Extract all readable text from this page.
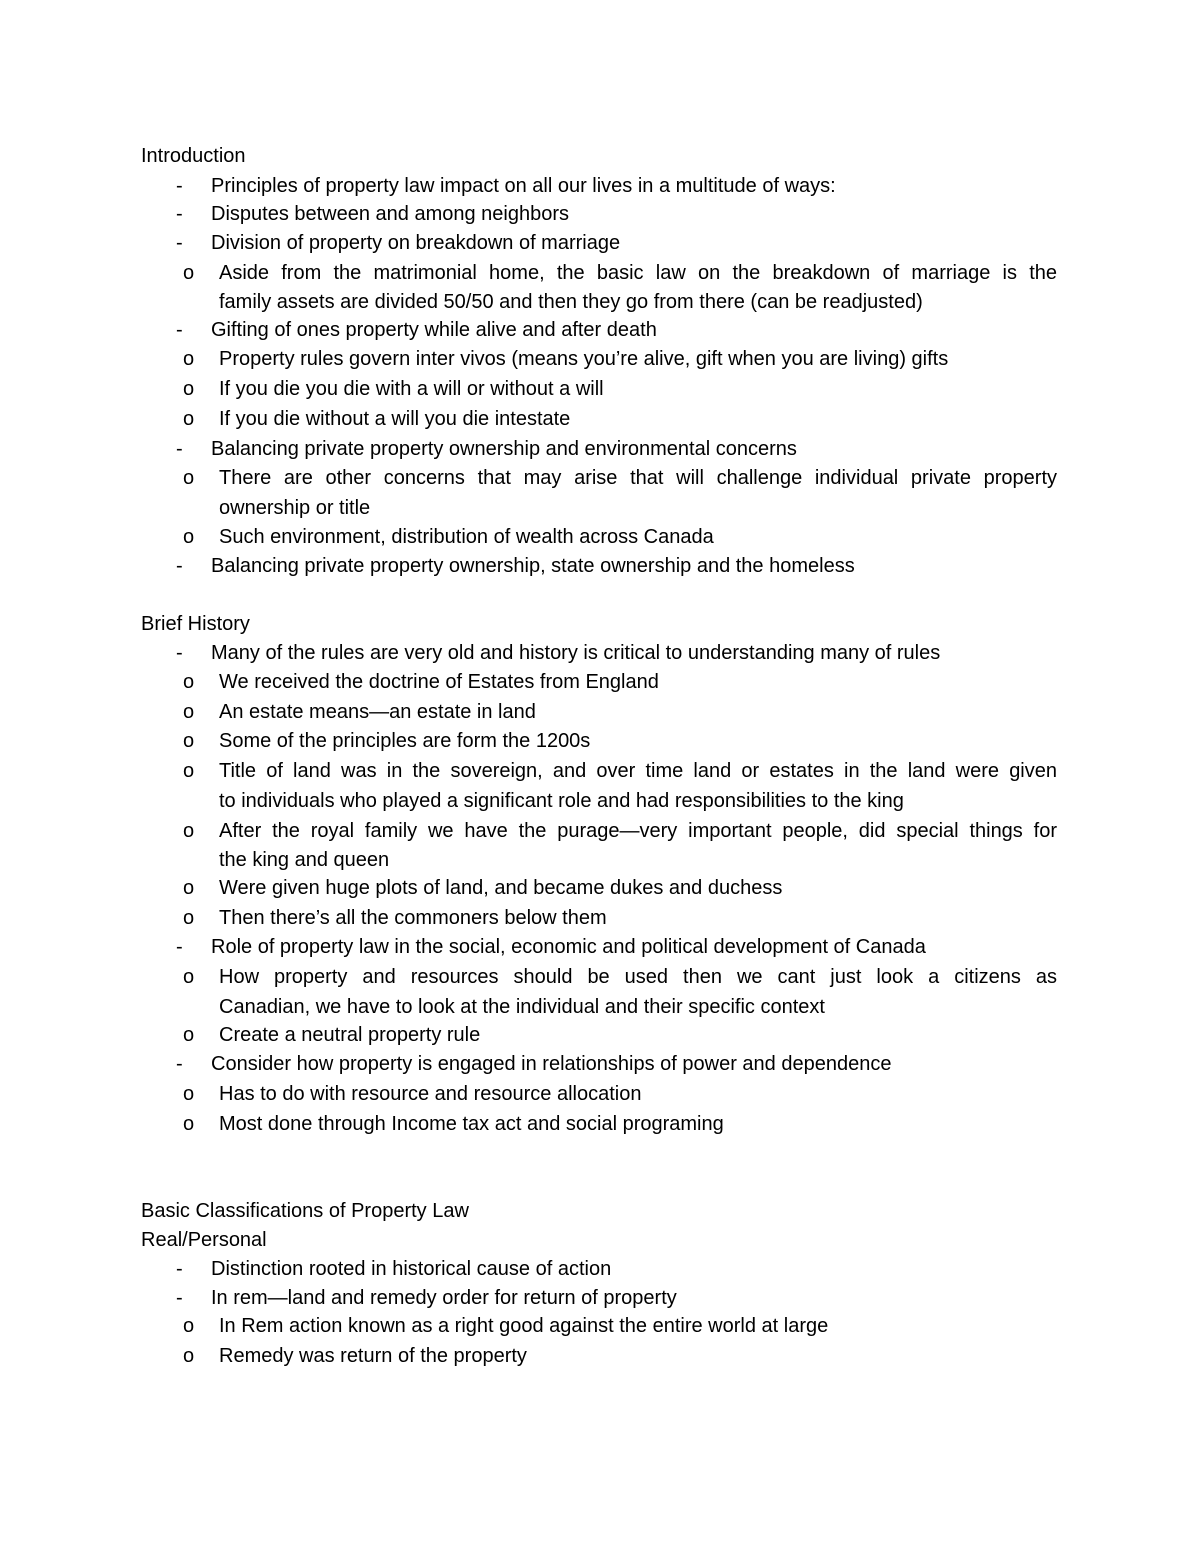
Introduction
- Principles of property law impact on all our lives in a multitude of ways:
- Disputes between and among neighbors
- Division of property on breakdown of marriage
o Aside from the matrimonial home, the basic law on the breakdown of marriage is the
family assets are divided 50/50 and then they go from there (can be readjusted)
- Gifting of ones property while alive and after death
o Property rules govern inter vivos (means you’re alive, gift when you are living) gifts
o If you die you die with a will or without a will
o If you die without a will you die intestate
- Balancing private property ownership and environmental concerns
o There are other concerns that may arise that will challenge individual private property
ownership or title
o Such environment, distribution of wealth across Canada
- Balancing private property ownership, state ownership and the homeless
Brief History
- Many of the rules are very old and history is critical to understanding many of rules
o We received the doctrine of Estates from England
o An estate means—an estate in land
o Some of the principles are form the 1200s
o Title of land was in the sovereign, and over time land or estates in the land were given
to individuals who played a significant role and had responsibilities to the king
o After the royal family we have the purage—very important people, did special things for
the king and queen
o Were given huge plots of land, and became dukes and duchess
o Then there’s all the commoners below them
- Role of property law in the social, economic and political development of Canada
o How property and resources should be used then we cant just look a citizens as
Canadian, we have to look at the individual and their specific context
o Create a neutral property rule
- Consider how property is engaged in relationships of power and dependence
o Has to do with resource and resource allocation
o Most done through Income tax act and social programing
Basic Classifications of Property Law
Real/Personal
- Distinction rooted in historical cause of action
- In rem—land and remedy order for return of property
o In Rem action known as a right good against the entire world at large
o Remedy was return of the property
